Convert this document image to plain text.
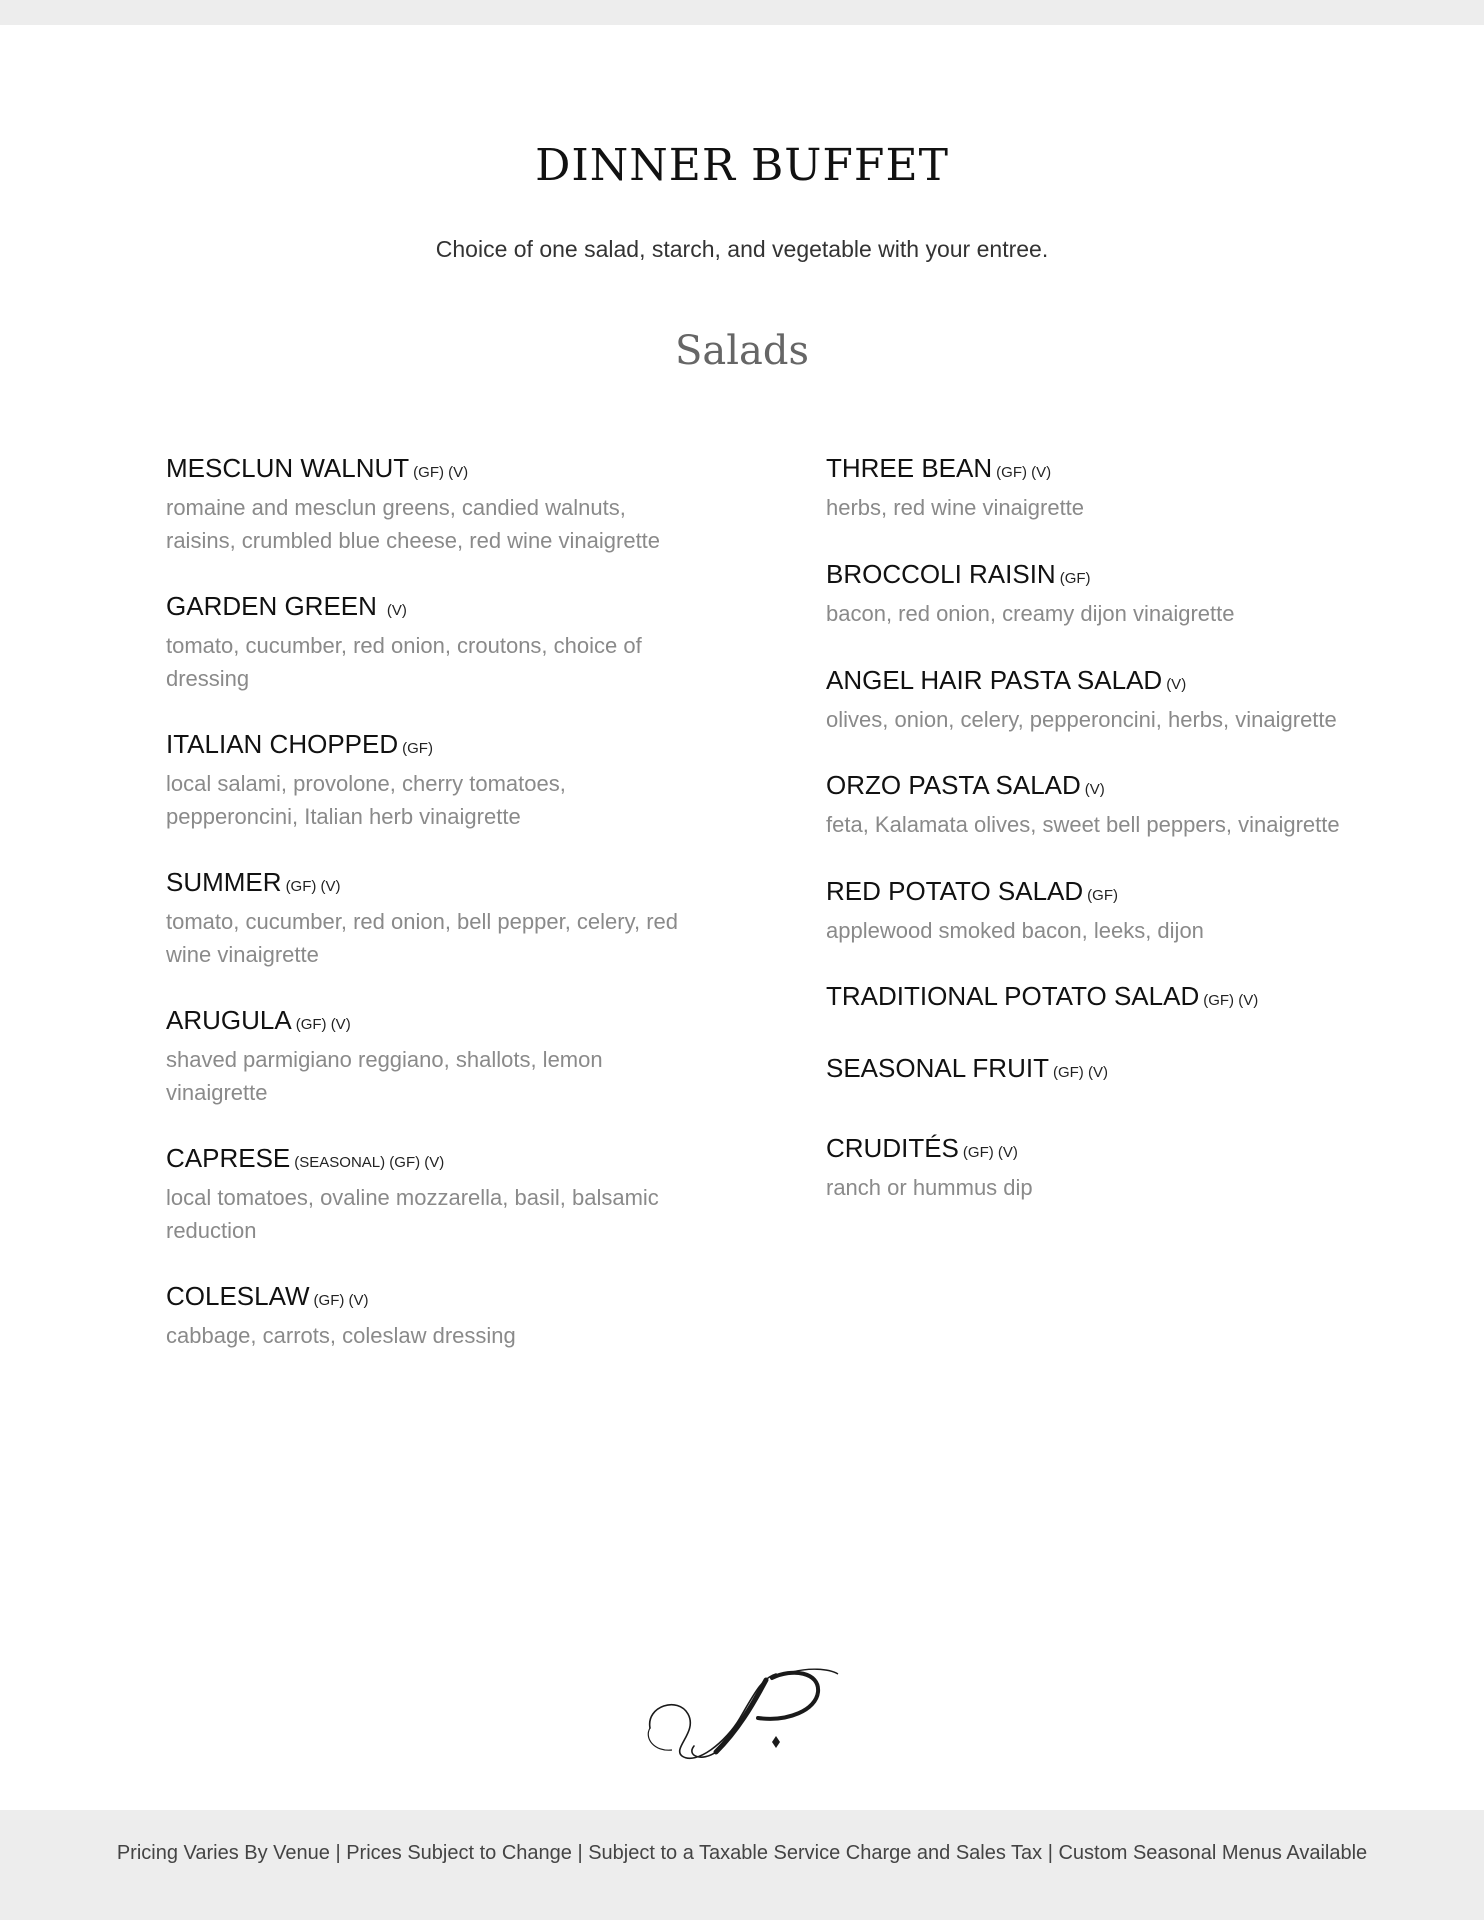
DINNER BUFFET

Choice of one salad, starch, and vegetable with your entree.

Salads
MESCLUN WALNUT (GF) (V)
romaine and mesclun greens, candied walnuts, raisins, crumbled blue cheese, red wine vinaigrette
GARDEN GREEN (V)
tomato, cucumber, red onion, croutons, choice of dressing
ITALIAN CHOPPED (GF)
local salami, provolone, cherry tomatoes, pepperoncini, Italian herb vinaigrette
SUMMER (GF) (V)
tomato, cucumber, red onion, bell pepper, celery, red wine vinaigrette
ARUGULA (GF) (V)
shaved parmigiano reggiano, shallots, lemon vinaigrette
CAPRESE (SEASONAL) (GF) (V)
local tomatoes, ovaline mozzarella, basil, balsamic reduction
COLESLAW (GF) (V)
cabbage, carrots, coleslaw dressing
THREE BEAN (GF) (V)
herbs, red wine vinaigrette
BROCCOLI RAISIN (GF)
bacon, red onion, creamy dijon vinaigrette
ANGEL HAIR PASTA SALAD (V)
olives, onion, celery, pepperoncini, herbs, vinaigrette
ORZO PASTA SALAD (V)
feta, Kalamata olives, sweet bell peppers, vinaigrette
RED POTATO SALAD (GF)
applewood smoked bacon, leeks, dijon
TRADITIONAL POTATO SALAD (GF) (V)
SEASONAL FRUIT (GF) (V)
CRUDITÉS (GF) (V)
ranch or hummus dip

Pricing Varies By Venue | Prices Subject to Change | Subject to a Taxable Service Charge and Sales Tax | Custom Seasonal Menus Available
